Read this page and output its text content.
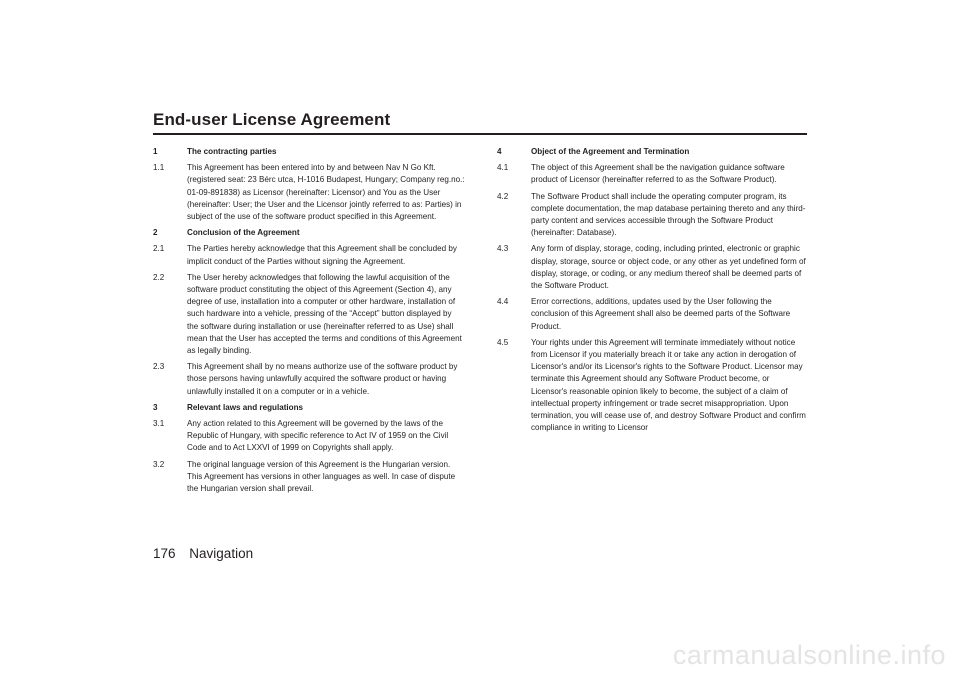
End-user License Agreement
1	The contracting parties
1.1	This Agreement has been entered into by and between Nav N Go Kft. (registered seat: 23 Bérc utca, H-1016 Budapest, Hungary; Company reg.no.: 01-09-891838) as Licensor (hereinafter: Licensor) and You as the User (hereinafter: User; the User and the Licensor jointly referred to as: Parties) in subject of the use of the software product specified in this Agreement.
2	Conclusion of the Agreement
2.1	The Parties hereby acknowledge that this Agreement shall be concluded by implicit conduct of the Parties without signing the Agreement.
2.2	The User hereby acknowledges that following the lawful acquisition of the software product constituting the object of this Agreement (Section 4), any degree of use, installation into a computer or other hardware, installation of such hardware into a vehicle, pressing of the “Accept” button displayed by the software during installation or use (hereinafter referred to as Use) shall mean that the User has accepted the terms and conditions of this Agreement as legally binding.
2.3	This Agreement shall by no means authorize use of the software product by those persons having unlawfully acquired the software product or having unlawfully installed it on a computer or in a vehicle.
3	Relevant laws and regulations
3.1	Any action related to this Agreement will be governed by the laws of the Republic of Hungary, with specific reference to Act IV of 1959 on the Civil Code and to Act LXXVI of 1999 on Copyrights shall apply.
3.2	The original language version of this Agreement is the Hungarian version. This Agreement has versions in other languages as well. In case of dispute the Hungarian version shall prevail.
4	Object of the Agreement and Termination
4.1	The object of this Agreement shall be the navigation guidance software product of Licensor (hereinafter referred to as the Software Product).
4.2	The Software Product shall include the operating computer program, its complete documentation, the map database pertaining thereto and any third-party content and services accessible through the Software Product (hereinafter: Database).
4.3	Any form of display, storage, coding, including printed, electronic or graphic display, storage, source or object code, or any other as yet undefined form of display, storage, or coding, or any medium thereof shall be deemed parts of the Software Product.
4.4	Error corrections, additions, updates used by the User following the conclusion of this Agreement shall also be deemed parts of the Software Product.
4.5	Your rights under this Agreement will terminate immediately without notice from Licensor if you materially breach it or take any action in derogation of Licensor's and/or its Licensor's rights to the Software Product. Licensor may terminate this Agreement should any Software Product become, or Licensor's reasonable opinion likely to become, the subject of a claim of intellectual property infringement or trade secret misappropriation. Upon termination, you will cease use of, and destroy Software Product and confirm compliance in writing to Licensor
176 Navigation
carmanualsonline.info
